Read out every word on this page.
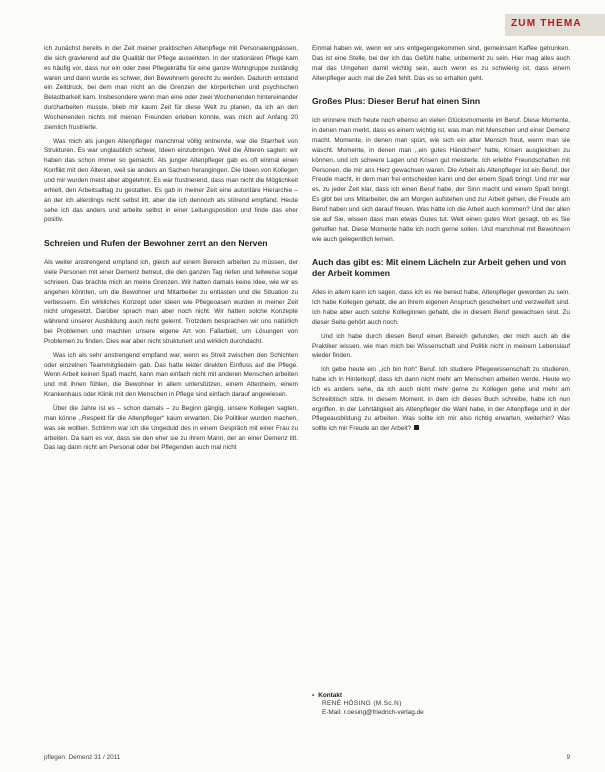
ZUM THEMA

ich zunächst bereits in der Zeit meiner praktischen Altenpflege mit Personalengpässen, die sich gravierend auf die Qualität der Pflege auswirkten. In der stationären Pflege kam es häufig vor, dass nur ein oder zwei Pflegekräfte für eine ganze Wohngruppe zuständig waren und dann wurde es schwer, den Bewohnern gerecht zu werden. Dadurch entstand ein Zeitdruck, bei dem man nicht an die Grenzen der körperlichen und psychischen Belastbarkeit kam. Insbesondere wenn man eine oder zwei Wochenenden hintereinander durcharbeiten musste, blieb mir kaum Zeit für diese Welt zu planen, da ich an den Wochenenden nichts mit meinen Freunden erleben konnte, was mich auf Anfang 20 ziemlich frustrierte.

Was mich als jungen Altenpfleger manchmal völlig entnervte, war die Starrheit von Strukturen. Es war unglaublich schwer, Ideen einzubringen. Weil die Älteren sagten: wir haben das schon immer so gemacht. Als junger Altenpfleger gab es oft einmal einen Konflikt mit den Älteren, weil sie anders an Sachen herangingen. Die Ideen von Kollegen und mir wurden meist aber abgelehnt. Es war frustrierend, dass man nicht die Möglichkeit erhielt, den Arbeitsalltag zu gestalten. Es gab in meiner Zeit eine autoritäre Hierarchie – an der ich allerdings nicht selbst litt, aber die ich dennoch als störend empfand. Heute sehe ich das anders und arbeite selbst in einer Leitungsposition und finde das eher positiv.

Schreien und Rufen der Bewohner zerrt an den Nerven

Als weiter anstrengend empfand ich, gleich auf einem Bereich arbeiten zu müssen, der viele Personen mit einer Demenz betreut, die den ganzen Tag riefen und teilweise sogar schrieen. Das brachte mich an meine Grenzen. Wir hatten damals keine Idee, wie wir es angehen könnten, um die Bewohner und Mitarbeiter zu entlasten und die Situation zu verbessern. Ein wirkliches Konzept oder Ideen wie Pflegeoasen wurden in meiner Zeit nicht umgesetzt. Darüber sprach man aber noch nicht. Wir hatten solche Konzepte während unserer Ausbildung auch nicht gelernt. Trotzdem besprachen wir uns natürlich bei Problemen und machten unsere eigene Art von Fallarbeit, um Lösungen von Problemen zu finden. Dies war aber nicht strukturiert und wirklich durchdacht.

Was ich als sehr anstrengend empfand war, wenn es Streit zwischen den Schichten oder einzelnen Teammitgliedern gab. Das hatte leider direkten Einfluss auf die Pflege. Wenn Arbeit keinen Spaß macht, kann man einfach nicht mit anderen Menschen arbeiten und mit ihnen fühlen, die Bewohner in allem unterstützen, einem Altenheim, einem Krankenhaus oder Klinik mit den Menschen in Pflege sind einfach darauf angewiesen.

Über die Jahre ist es – schon damals – zu Beginn gängig, unsere Kollegen sagten, man könne ,,Respekt für die Altenpfleger“ kaum erwarten. Die Politiker wurden machen, was sie wollten. Schlimm war ich die Ungeduld des in einem Gespräch mit einer Frau zu arbeiten. Da kam es vor, dass sie den eher sie zu ihrem Mann, der an einer Demenz litt. Das lag dann nicht am Personal oder bei Pflegenden auch mal nicht

Einmal haben wir, wenn wir uns entgegengekommen sind, gemeinsam Kaffee getrunken. Das ist eine Stelle, bei der ich das Gefühl habe, unbemerkt zu sein. Hier mag alles auch mal das Umgehen damit wichtig sein, auch wenn es zu schwierig ist, dass einem Altenpfleger auch mal die Zeit fehlt. Das es so erhalten geht.

Großes Plus: Dieser Beruf hat einen Sinn

Ich erinnere mich heute noch ebenso an vielen Glücksmomente im Beruf. Diese Momente, in denen man merkt, dass es einem wichtig ist, was man mit Menschen und einer Demenz macht. Momente, in denen man spürt, wie sich ein alter Mensch freut, wenn man sie wäscht. Momente, in denen man ,,ein gutes Händchen“ hatte, Krisen ausgleichen zu können, und ich schwere Lagen und Krisen gut meisterte. Ich erlebte Freundschaften mit Personen, die mir ans Herz gewachsen waren. Die Arbeit als Altenpfleger ist ein Beruf, der Freude macht, in dem man frei entscheiden kann und der einem Spaß bringt. Und mir war es, zu jeder Zeit klar, dass ich einen Beruf habe, der Sinn macht und einem Spaß bringt. Es gibt bei uns Mitarbeiter, die am Morgen aufstehen und zur Arbeit gehen, die Freude am Beruf haben und sich darauf freuen. Was hätte ich die Arbeit auch kommen? Und der allen sie auf Sie, wissen dass man etwas Gutes tut. Welt einen gutes Wort gesagt, ob es Sie geholfen hat. Diese Momente hätte ich noch gerne sollen. Und manchmal mit Bewohnern wie auch gelegentlich lernen.

Auch das gibt es: Mit einem Lächeln zur Arbeit gehen und von der Arbeit kommen

Alles in allem kann ich sagen, dass ich es nie bereut habe, Altenpfleger geworden zu sein. Ich habe Kollegen gehabt, die an ihrem eigenen Anspruch gescheitert und verzweifelt sind. Ich habe aber auch solche Kolleginnen gehabt, die in diesem Beruf gewachsen sind. Zu dieser Seite gehört auch noch.

Und ich habe durch diesen Beruf einen Bereich gefunden, der mich auch ab die Praktiker wissen, wie man mich bei Wissenschaft und Politik nicht in meinem Lebenslauf wieder finden.

Ich gebe heute ein ,,ich bin froh“ Beruf. Ich studiere Pflegewissenschaft zu studieren, habe ich in Hinterkopf, dass ich dann nicht mehr am Menschen arbeiten werde. Heute wo ich es anders sehe, da ich auch nicht mehr gerne zu Kollegen gehe und mehr am Schreibtisch sitze. In diesem Moment, in dem ich dieses Buch schreibe, habe ich nun ergriffen. In der Lehrtätigkeit als Altenpfleger die Wahl habe, in der Altenpflege und in der Pflegeausbildung zu arbeiten. Was sollte ich mir also richtig erwarten, weiterhin? Was sollte ich mir Freude an der Arbeit?

• Kontakt
RENÉ HÖSING (M.Sc.N)
E-Mail: r.oesing@friedrich-verlag.de
pflegen: Demenz 31 / 2011	9
